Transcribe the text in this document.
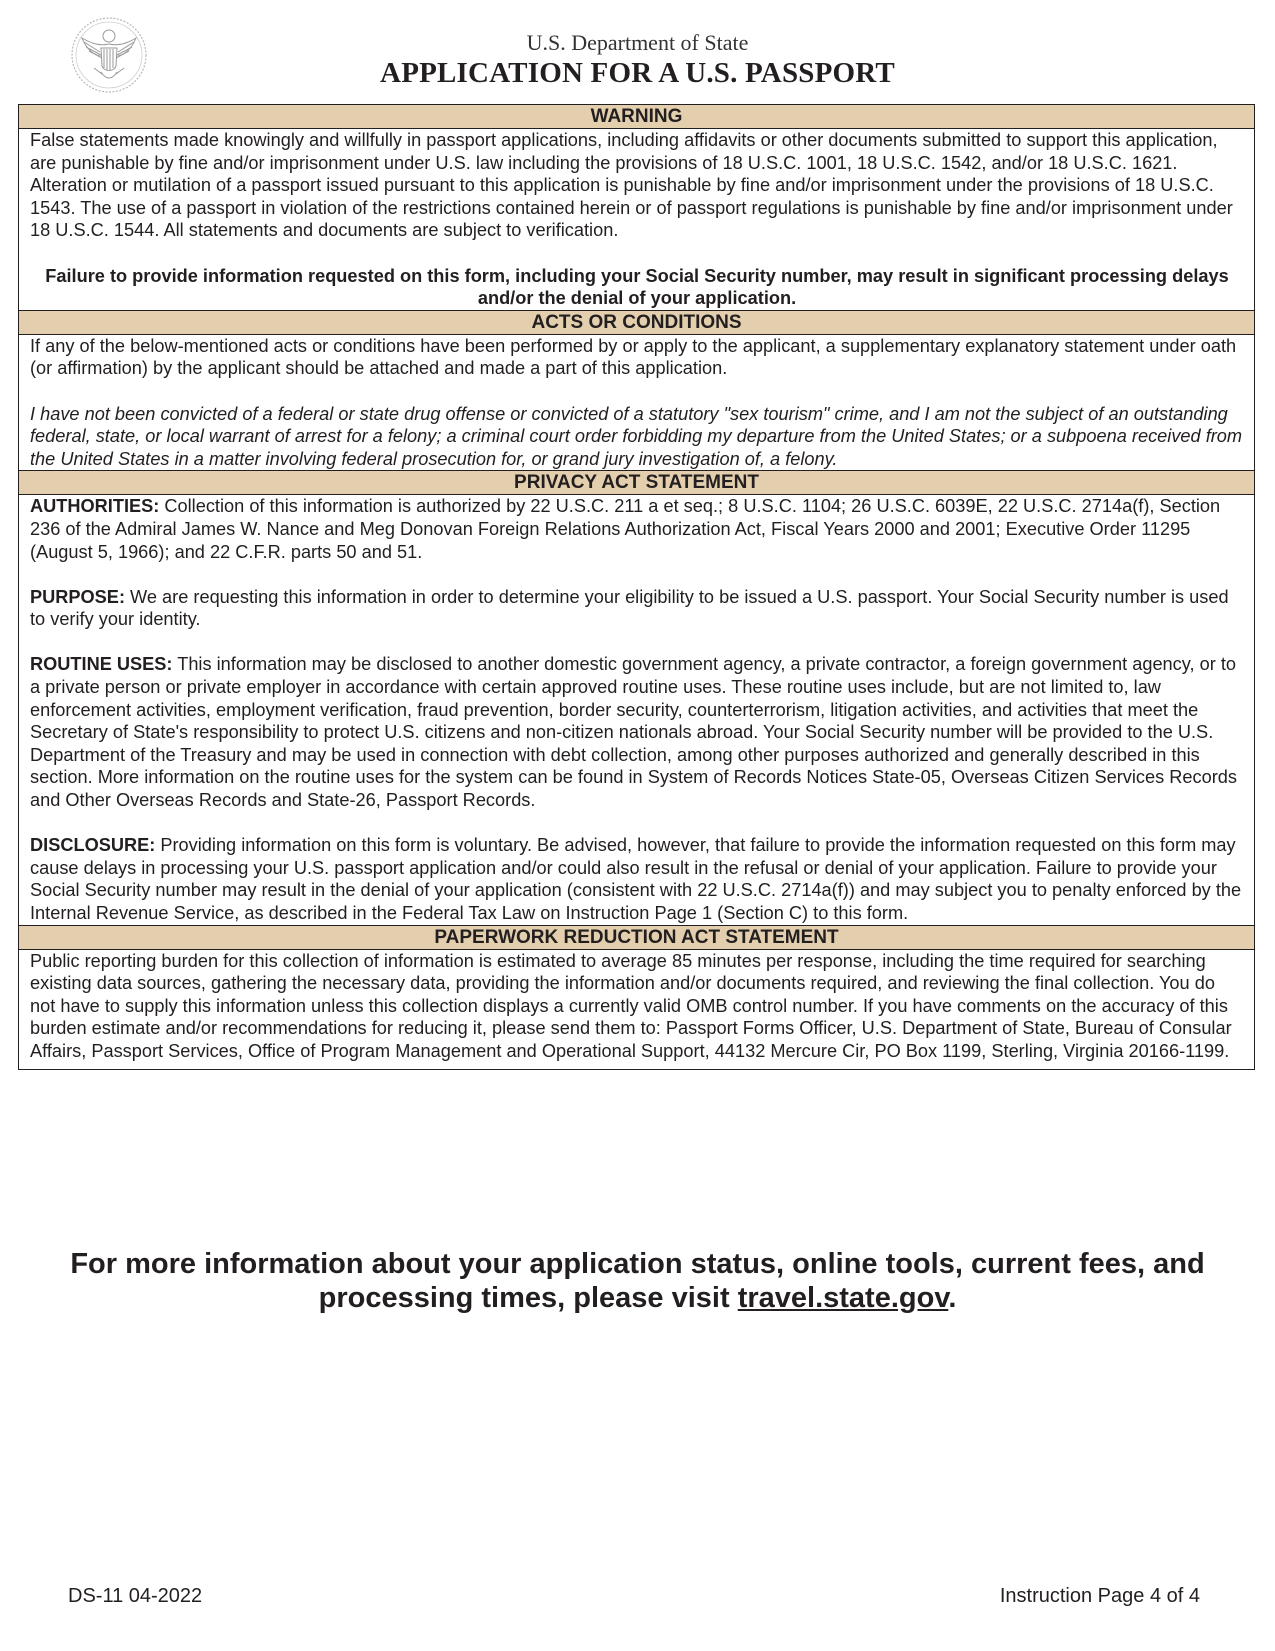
U.S. Department of State
APPLICATION FOR A U.S. PASSPORT
WARNING

False statements made knowingly and willfully in passport applications, including affidavits or other documents submitted to support this application, are punishable by fine and/or imprisonment under U.S. law including the provisions of 18 U.S.C. 1001, 18 U.S.C. 1542, and/or 18 U.S.C. 1621. Alteration or mutilation of a passport issued pursuant to this application is punishable by fine and/or imprisonment under the provisions of 18 U.S.C. 1543. The use of a passport in violation of the restrictions contained herein or of passport regulations is punishable by fine and/or imprisonment under 18 U.S.C. 1544. All statements and documents are subject to verification.

Failure to provide information requested on this form, including your Social Security number, may result in significant processing delays and/or the denial of your application.

ACTS OR CONDITIONS

If any of the below-mentioned acts or conditions have been performed by or apply to the applicant, a supplementary explanatory statement under oath (or affirmation) by the applicant should be attached and made a part of this application.

I have not been convicted of a federal or state drug offense or convicted of a statutory "sex tourism" crime, and I am not the subject of an outstanding federal, state, or local warrant of arrest for a felony; a criminal court order forbidding my departure from the United States; or a subpoena received from the United States in a matter involving federal prosecution for, or grand jury investigation of, a felony.

PRIVACY ACT STATEMENT

AUTHORITIES: Collection of this information is authorized by 22 U.S.C. 211 a et seq.; 8 U.S.C. 1104; 26 U.S.C. 6039E, 22 U.S.C. 2714a(f), Section 236 of the Admiral James W. Nance and Meg Donovan Foreign Relations Authorization Act, Fiscal Years 2000 and 2001; Executive Order 11295 (August 5, 1966); and 22 C.F.R. parts 50 and 51.

PURPOSE: We are requesting this information in order to determine your eligibility to be issued a U.S. passport. Your Social Security number is used to verify your identity.

ROUTINE USES: This information may be disclosed to another domestic government agency, a private contractor, a foreign government agency, or to a private person or private employer in accordance with certain approved routine uses. These routine uses include, but are not limited to, law enforcement activities, employment verification, fraud prevention, border security, counterterrorism, litigation activities, and activities that meet the Secretary of State's responsibility to protect U.S. citizens and non-citizen nationals abroad. Your Social Security number will be provided to the U.S. Department of the Treasury and may be used in connection with debt collection, among other purposes authorized and generally described in this section. More information on the routine uses for the system can be found in System of Records Notices State-05, Overseas Citizen Services Records and Other Overseas Records and State-26, Passport Records.

DISCLOSURE: Providing information on this form is voluntary. Be advised, however, that failure to provide the information requested on this form may cause delays in processing your U.S. passport application and/or could also result in the refusal or denial of your application. Failure to provide your Social Security number may result in the denial of your application (consistent with 22 U.S.C. 2714a(f)) and may subject you to penalty enforced by the Internal Revenue Service, as described in the Federal Tax Law on Instruction Page 1 (Section C) to this form.

PAPERWORK REDUCTION ACT STATEMENT

Public reporting burden for this collection of information is estimated to average 85 minutes per response, including the time required for searching existing data sources, gathering the necessary data, providing the information and/or documents required, and reviewing the final collection. You do not have to supply this information unless this collection displays a currently valid OMB control number. If you have comments on the accuracy of this burden estimate and/or recommendations for reducing it, please send them to: Passport Forms Officer, U.S. Department of State, Bureau of Consular Affairs, Passport Services, Office of Program Management and Operational Support, 44132 Mercure Cir, PO Box 1199, Sterling, Virginia 20166-1199.

For more information about your application status, online tools, current fees, and processing times, please visit travel.state.gov.
DS-11 04-2022	Instruction Page 4 of 4
